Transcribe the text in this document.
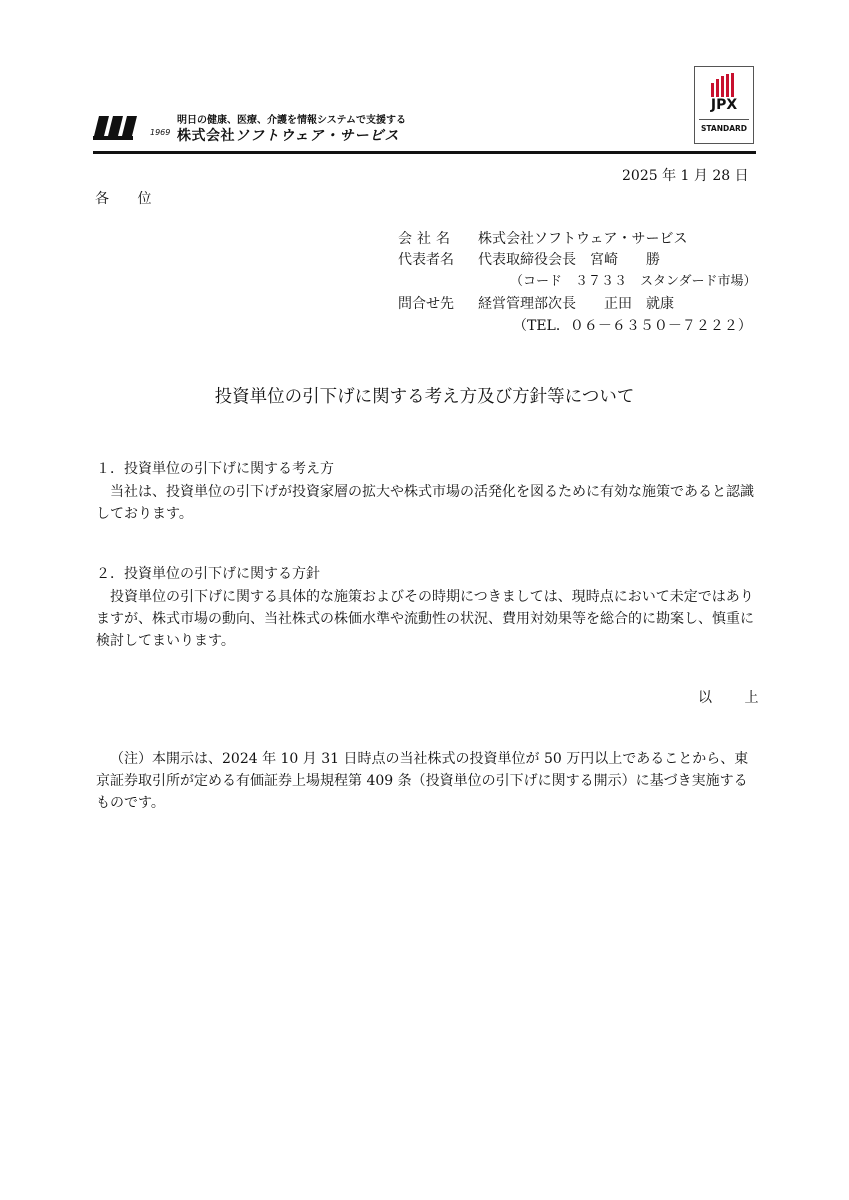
1969
明日の健康、医療、介護を情報システムで支援する
株式会社ソフトウェア・サービス
JPX
STANDARD
2025 年 1 月 28 日
各 位
会社名 株式会社ソフトウェア・サービス
代表者名 代表取締役会長　宮崎　　勝
（コード　３７３３　スタンダード市場）
問合せ先 経営管理部次長　　正田　就康
（TEL．０６－６３５０－７２２２）
投資単位の引下げに関する考え方及び方針等について
１．投資単位の引下げに関する考え方

当社は、投資単位の引下げが投資家層の拡大や株式市場の活発化を図るために有効な施策であると認識しております。

２．投資単位の引下げに関する方針

投資単位の引下げに関する具体的な施策およびその時期につきましては、現時点において未定ではありますが、株式市場の動向、当社株式の株価水準や流動性の状況、費用対効果等を総合的に勘案し、慎重に検討してまいります。

以 上

（注）本開示は、2024 年 10 月 31 日時点の当社株式の投資単位が 50 万円以上であることから、東京証券取引所が定める有価証券上場規程第 409 条（投資単位の引下げに関する開示）に基づき実施するものです。
